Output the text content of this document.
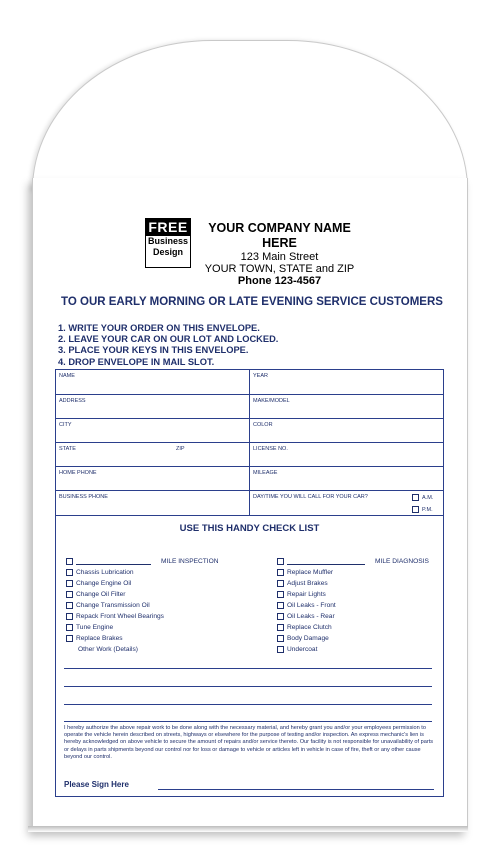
FREE
Business
Design
YOUR COMPANY NAME HERE
123 Main Street
YOUR TOWN, STATE and ZIP
Phone 123-4567
TO OUR EARLY MORNING OR LATE EVENING SERVICE CUSTOMERS
1. WRITE YOUR ORDER ON THIS ENVELOPE.
2. LEAVE YOUR CAR ON OUR LOT AND LOCKED.
3. PLACE YOUR KEYS IN THIS ENVELOPE.
4. DROP ENVELOPE IN MAIL SLOT.
NAME	YEAR
ADDRESS	MAKE/MODEL
CITY	COLOR
STATE	ZIP	LICENSE NO.
HOME PHONE	MILEAGE
BUSINESS PHONE	DAY/TIME YOU WILL CALL FOR YOUR CAR?	A.M.
P.M.
USE THIS HANDY CHECK LIST
MILE INSPECTION
Chassis Lubrication
Change Engine Oil
Change Oil Filter
Change Transmission Oil
Repack Front Wheel Bearings
Tune Engine
Replace Brakes
Other Work (Details)
MILE DIAGNOSIS
Replace Muffler
Adjust Brakes
Repair Lights
Oil Leaks - Front
Oil Leaks - Rear
Replace Clutch
Body Damage
Undercoat
I hereby authorize the above repair work to be done along with the necessary material, and hereby grant you and/or your employees permission to operate the vehicle herein described on streets, highways or elsewhere for the purpose of testing and/or inspection. An express mechanic's lien is hereby acknowledged on above vehicle to secure the amount of repairs and/or service thereto. Our facility is not responsible for unavailability of parts or delays in parts shipments beyond our control nor for loss or damage to vehicle or articles left in vehicle in case of fire, theft or any other cause beyond our control.
Please Sign Here
